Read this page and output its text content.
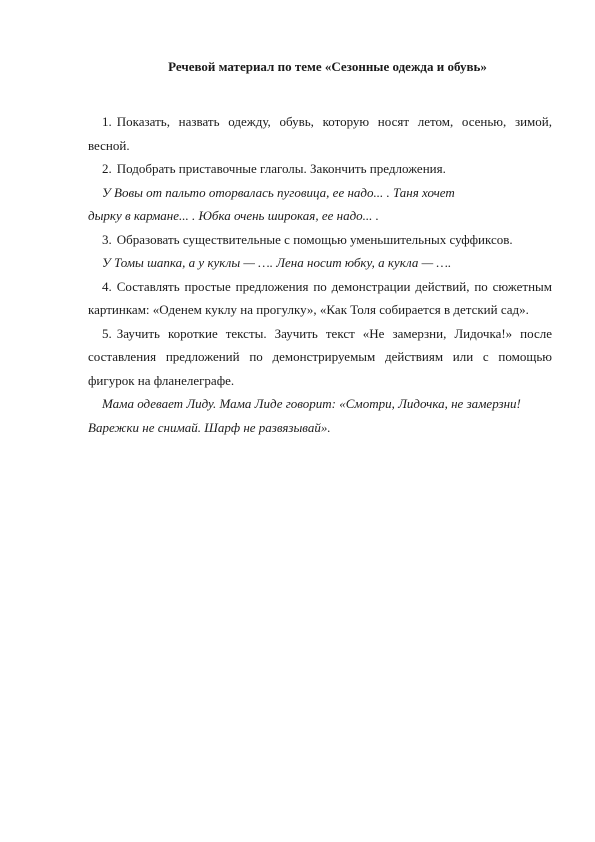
Речевой материал по теме «Сезонные одежда и обувь»

1. Показать, назвать одежду, обувь, которую носят летом, осенью, зимой, весной.

2. Подобрать приставочные глаголы. Закончить предложения.

У Вовы от пальто оторвалась пуговица, ее надо... . Таня хочет

дырку в кармане... . Юбка очень широкая, ее надо... .

3. Образовать существительные с помощью уменьшительных суффиксов.

У Томы шапка, а у куклы — …. Лена носит юбку, а кукла — ….

4. Составлять простые предложения по демонстрации действий, по сюжетным картинкам: «Оденем куклу на прогулку», «Как Толя собирается в детский сад».

5. Заучить короткие тексты. Заучить текст «Не замерзни, Лидочка!» после составления предложений по демонстрируемым действиям или с помощью фигурок на фланелеграфе.

Мама одевает Лиду. Мама Лиде говорит: «Смотри, Лидочка, не замерзни! Варежки не снимай. Шарф не развязывай».
